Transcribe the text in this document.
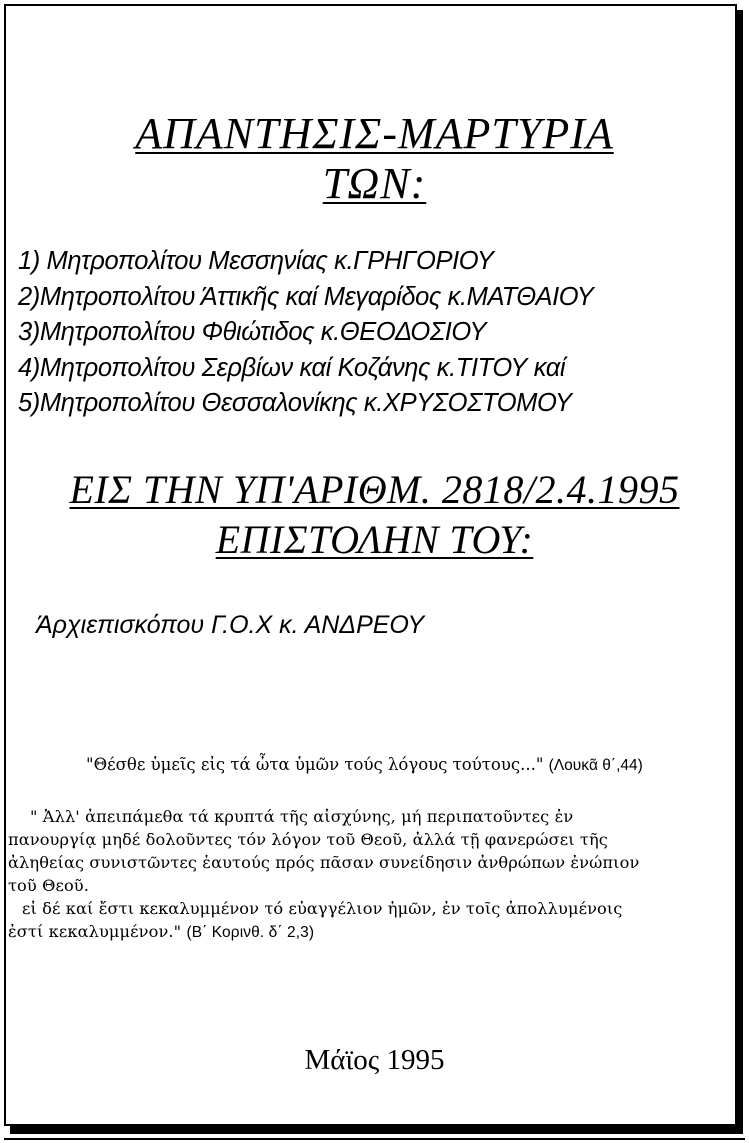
ΑΠΑΝΤΗΣΙΣ-ΜΑΡΤΥΡΙΑ
ΤΩΝ:
1) Μητροπολίτου Μεσσηνίας κ.ΓΡΗΓΟΡΙΟΥ
2)Μητροπολίτου Άττικῆς καί Μεγαρίδος κ.ΜΑΤΘΑΙΟΥ
3)Μητροπολίτου Φθιώτιδος κ.ΘΕΟΔΟΣΙΟΥ
4)Μητροπολίτου Σερβίων καί Κοζάνης κ.ΤΙΤΟΥ καί
5)Μητροπολίτου Θεσσαλονίκης κ.ΧΡΥΣΟΣΤΟΜΟΥ
ΕΙΣ ΤΗΝ ΥΠ'ΑΡΙΘΜ. 2818/2.4.1995
ΕΠΙΣΤΟΛΗΝ ΤΟΥ:
Άρχιεπισκόπου Γ.Ο.Χ κ. ΑΝΔΡΕΟΥ
"Θέσθε ὑμεῖς εἰς τά ὦτα ὑμῶν τούς λόγους τούτους..." (Λουκᾶ θ΄,44)
" Ἀλλ' ἀπειπάμεθα τά κρυπτά τῆς αἰσχύνης, μή περιπατοῦντες ἐν
πανουργίᾳ μηδέ δολοῦντες τόν λόγον τοῦ Θεοῦ, ἀλλά τῇ φανερώσει τῆς
ἀληθείας συνιστῶντες ἑαυτούς πρός πᾶσαν συνείδησιν ἀνθρώπων ἐνώπιον
τοῦ Θεοῦ.
εἰ δέ καί ἔστι κεκαλυμμένον τό εὐαγγέλιον ἡμῶν, ἐν τοῖς ἀπολλυμένοις
ἐστί κεκαλυμμένον." (Β΄ Κορινθ. δ΄ 2,3)
Μάϊος 1995
